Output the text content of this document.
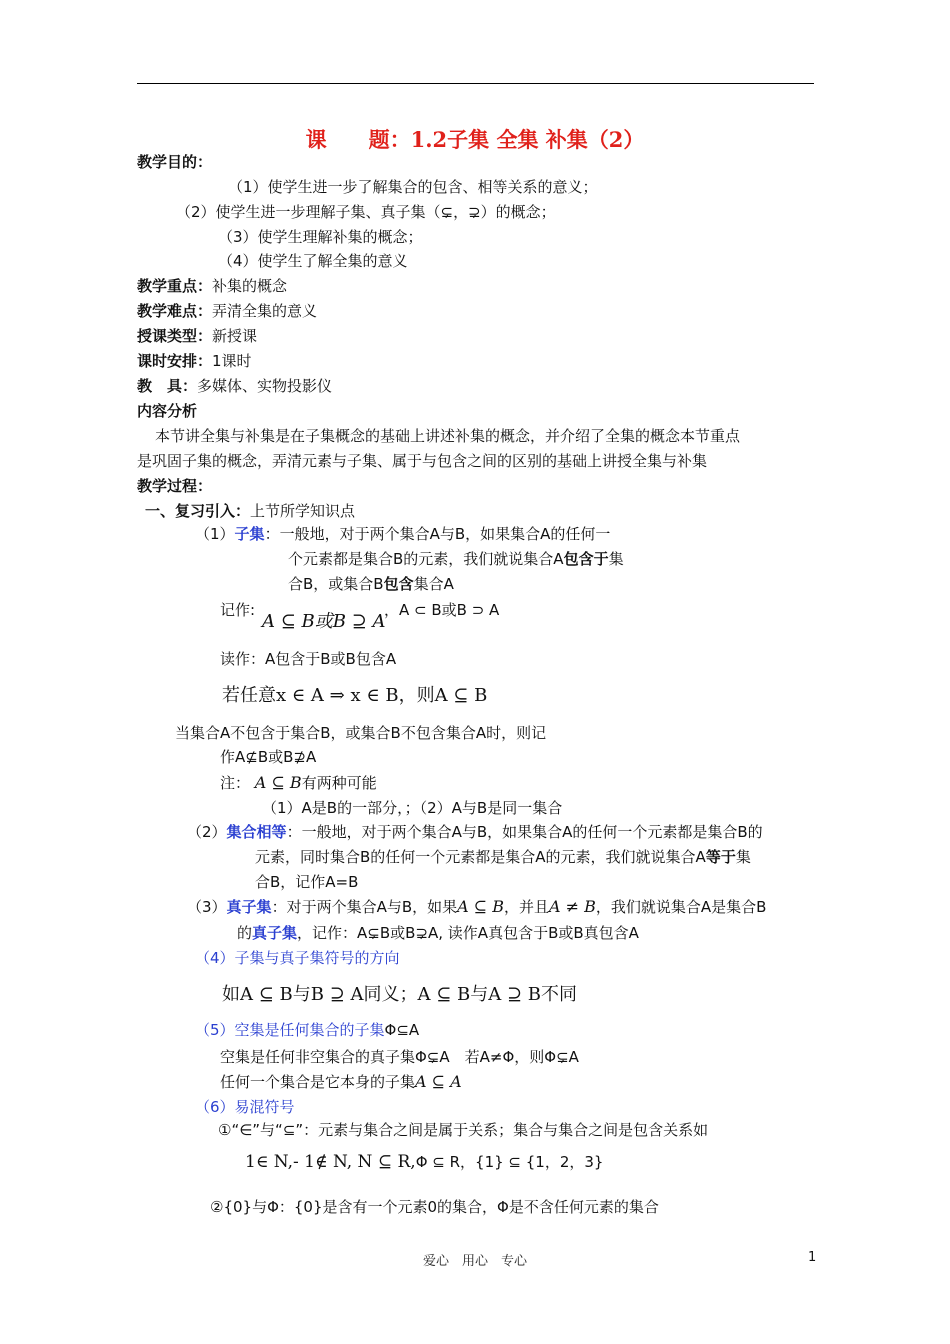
课　　题：1.2子集 全集 补集（2）
教学目的：
（1）使学生进一步了解集合的包含、相等关系的意义；
（2）使学生进一步理解子集、真子集（⊊，⊋）的概念；
（3）使学生理解补集的概念；
（4）使学生了解全集的意义
教学重点：补集的概念
教学难点：弄清全集的意义
授课类型：新授课
课时安排：1课时
教　具：多媒体、实物投影仪
内容分析
本节讲全集与补集是在子集概念的基础上讲述补集的概念，并介绍了全集的概念本节重点
是巩固子集的概念，弄清元素与子集、属于与包含之间的区别的基础上讲授全集与补集
教学过程：
一、复习引入：上节所学知识点
（1）子集：一般地，对于两个集合A与B，如果集合A的任何一
个元素都是集合B的元素，我们就说集合A包含于集
合B，或集合B包含集合A
记作:
A ⊆ B或B ⊇ A
，A ⊂ B或B ⊃ A
读作：A包含于B或B包含A
若任意x ∈ A ⇒ x ∈ B，则A ⊆ B
当集合A不包含于集合B，或集合B不包含集合A时，则记
作A⊈B或B⊉A
注： A ⊆ B有两种可能
（1）A是B的一部分，；（2）A与B是同一集合
（2）集合相等：一般地，对于两个集合A与B，如果集合A的任何一个元素都是集合B的
元素，同时集合B的任何一个元素都是集合A的元素，我们就说集合A等于集
合B，记作A=B
（3）真子集：对于两个集合A与B，如果A ⊆ B，并且A ≠ B，我们就说集合A是集合B
的真子集，记作：A⊊B或B⊋A, 读作A真包含于B或B真包含A
（4）子集与真子集符号的方向
如A ⊆ B与B ⊇ A同义；A ⊆ B与A ⊇ B不同
（5）空集是任何集合的子集Φ⊆A
空集是任何非空集合的真子集Φ⊊A　若A≠Φ，则Φ⊊A
任何一个集合是它本身的子集A ⊆ A
（6）易混符号
①“∈”与“⊆”：元素与集合之间是属于关系；集合与集合之间是包含关系如
1∈ N,- 1∉ N, N ⊆ R,Φ ⊆ R，{1} ⊆ {1，2，3}
②{0}与Φ：{0}是含有一个元素0的集合，Φ是不含任何元素的集合
爱心　用心　专心	1
